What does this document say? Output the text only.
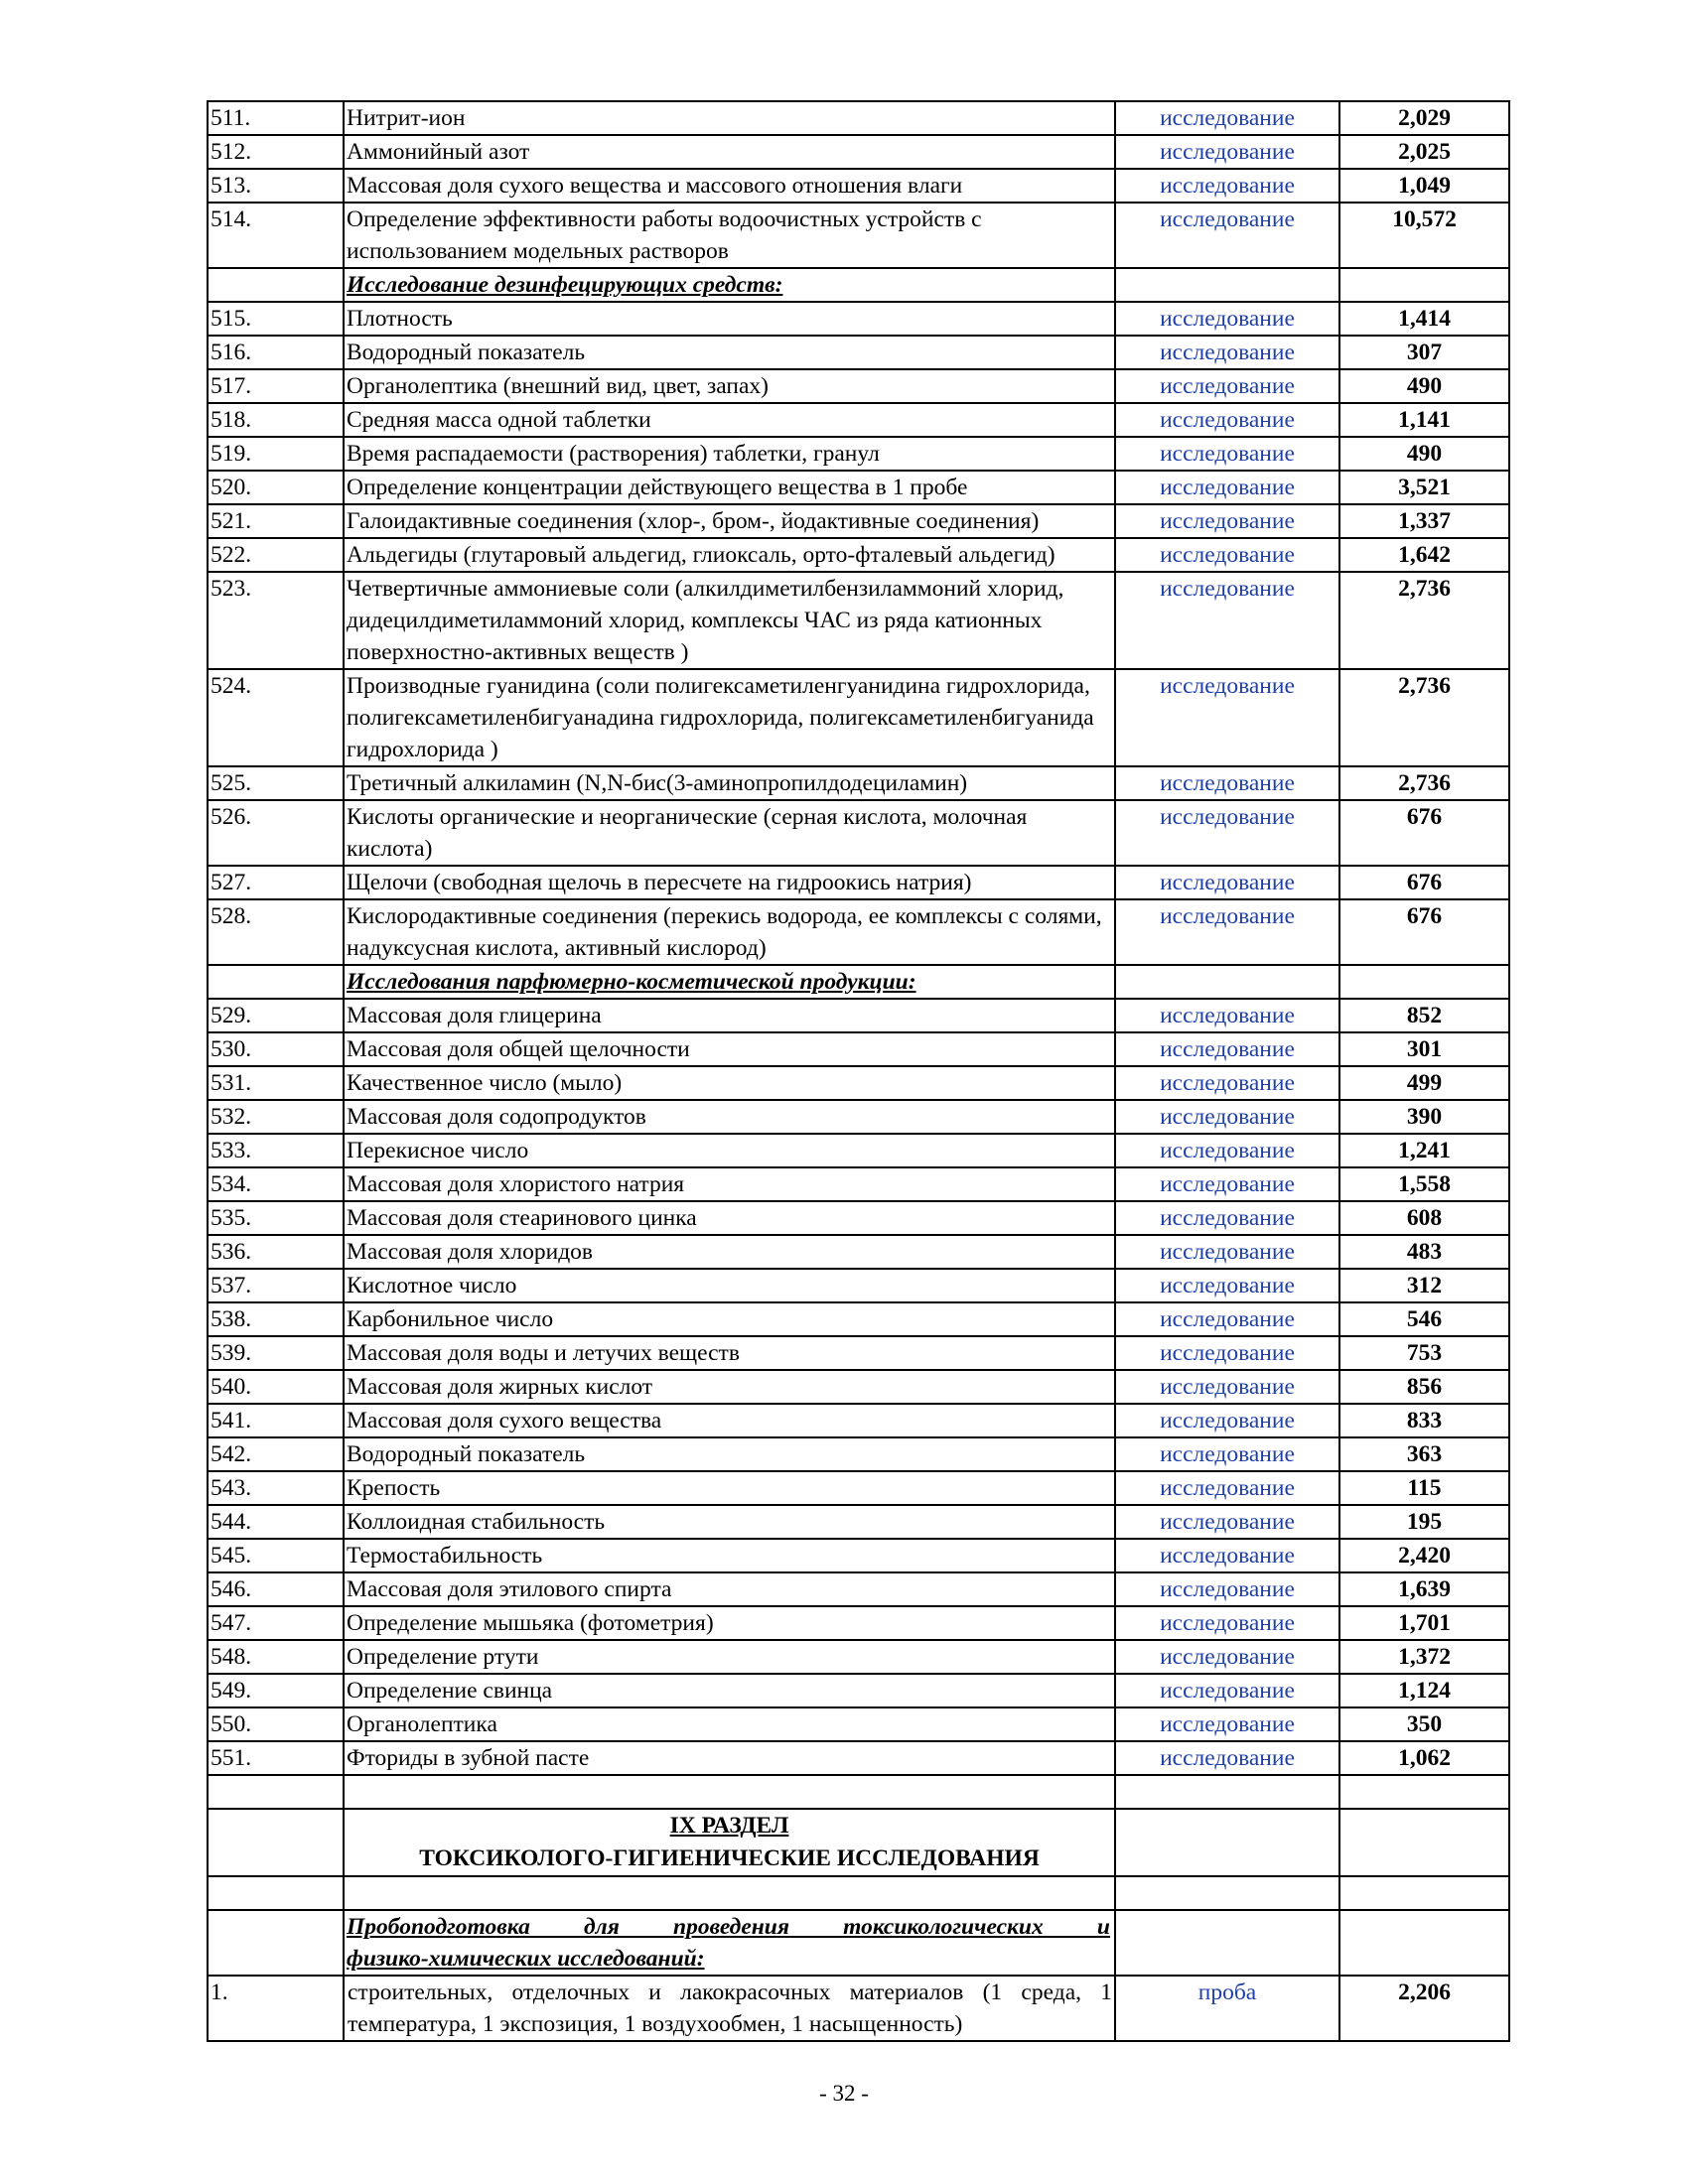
511.	Нитрит-ион	исследование	2,029
512.	Аммонийный азот	исследование	2,025
513.	Массовая доля сухого вещества и массового отношения влаги	исследование	1,049
514.	Определение эффективности работы водоочистных устройств с использованием модельных растворов	исследование	10,572
	Исследование дезинфецирующих средств:		
515.	Плотность	исследование	1,414
516.	Водородный показатель	исследование	307
517.	Органолептика (внешний вид, цвет, запах)	исследование	490
518.	Средняя масса одной таблетки	исследование	1,141
519.	Время распадаемости (растворения) таблетки, гранул	исследование	490
520.	Определение концентрации действующего вещества в 1 пробе	исследование	3,521
521.	Галоидактивные соединения (хлор-, бром-, йодактивные соединения)	исследование	1,337
522.	Альдегиды (глутаровый альдегид, глиоксаль, орто-фталевый альдегид)	исследование	1,642
523.	Четвертичные аммониевые соли (алкилдиметилбензиламмоний хлорид, дидецилдиметиламмоний хлорид, комплексы ЧАС из ряда катионных поверхностно-активных веществ )	исследование	2,736
524.	Производные гуанидина (соли полигексаметиленгуанидина гидрохлорида, полигексаметиленбигуанадина гидрохлорида, полигексаметиленбигуанида гидрохлорида )	исследование	2,736
525.	Третичный алкиламин (N,N-бис(3-аминопропилдодециламин)	исследование	2,736
526.	Кислоты органические и неорганические (серная кислота, молочная кислота)	исследование	676
527.	Щелочи (свободная щелочь в пересчете на гидроокись натрия)	исследование	676
528.	Кислородактивные соединения (перекись водорода, ее комплексы с солями, надуксусная кислота, активный кислород)	исследование	676
	Исследования парфюмерно-косметической продукции:		
529.	Массовая доля глицерина	исследование	852
530.	Массовая доля общей щелочности	исследование	301
531.	Качественное число (мыло)	исследование	499
532.	Массовая доля содопродуктов	исследование	390
533.	Перекисное число	исследование	1,241
534.	Массовая доля хлористого натрия	исследование	1,558
535.	Массовая доля стеаринового цинка	исследование	608
536.	Массовая доля хлоридов	исследование	483
537.	Кислотное число	исследование	312
538.	Карбонильное число	исследование	546
539.	Массовая доля воды и летучих веществ	исследование	753
540.	Массовая доля жирных кислот	исследование	856
541.	Массовая доля сухого вещества	исследование	833
542.	Водородный показатель	исследование	363
543.	Крепость	исследование	115
544.	Коллоидная стабильность	исследование	195
545.	Термостабильность	исследование	2,420
546.	Массовая доля этилового спирта	исследование	1,639
547.	Определение мышьяка (фотометрия)	исследование	1,701
548.	Определение ртути	исследование	1,372
549.	Определение свинца	исследование	1,124
550.	Органолептика	исследование	350
551.	Фториды в зубной пасте	исследование	1,062

	IX РАЗДЕЛ
ТОКСИКОЛОГО-ГИГИЕНИЧЕСКИЕ ИССЛЕДОВАНИЯ		

	Пробоподготовка для проведения токсикологических и
физико-химических исследований:		

1.	строительных, отделочных и лакокрасочных материалов (1 среда, 1
температура, 1 экспозиция, 1 воздухообмен, 1 насыщенность)	проба	2,206
- 32 -
